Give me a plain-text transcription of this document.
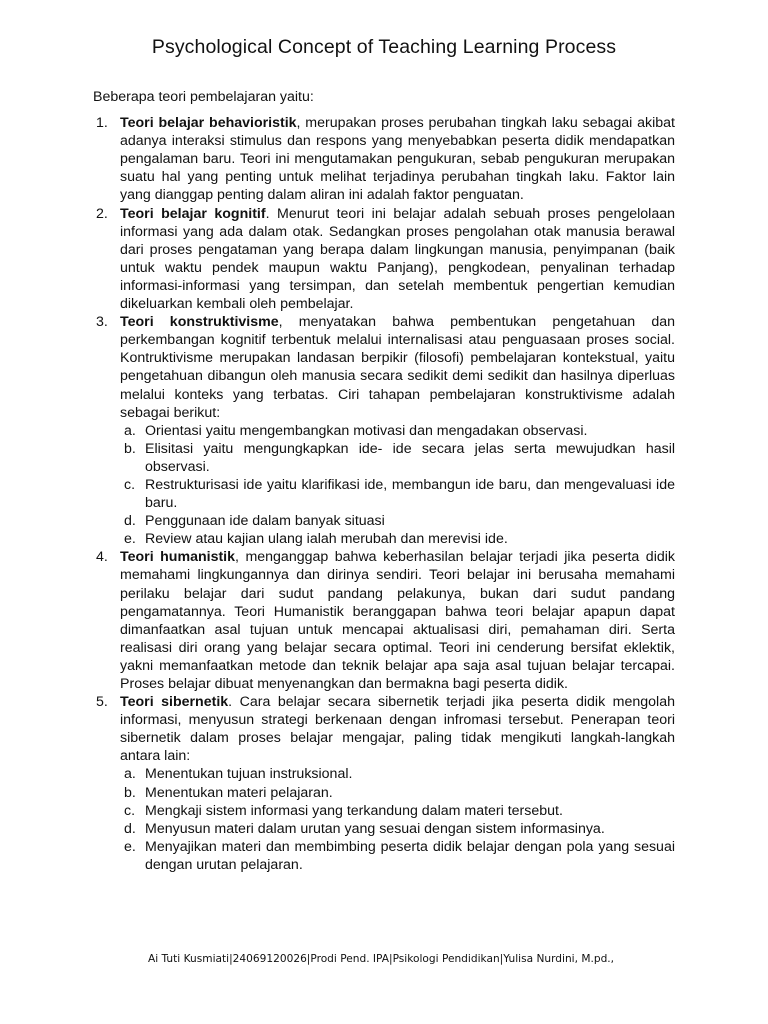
Psychological Concept of Teaching Learning Process

Beberapa teori pembelajaran yaitu:

1. Teori belajar behavioristik, merupakan proses perubahan tingkah laku sebagai akibat adanya interaksi stimulus dan respons yang menyebabkan peserta didik mendapatkan pengalaman baru. Teori ini mengutamakan pengukuran, sebab pengukuran merupakan suatu hal yang penting untuk melihat terjadinya perubahan tingkah laku. Faktor lain yang dianggap penting dalam aliran ini adalah faktor penguatan.
2. Teori belajar kognitif. Menurut teori ini belajar adalah sebuah proses pengelolaan informasi yang ada dalam otak. Sedangkan proses pengolahan otak manusia berawal dari proses pengataman yang berapa dalam lingkungan manusia, penyimpanan (baik untuk waktu pendek maupun waktu Panjang), pengkodean, penyalinan terhadap informasi-informasi yang tersimpan, dan setelah membentuk pengertian kemudian dikeluarkan kembali oleh pembelajar.
3. Teori konstruktivisme, menyatakan bahwa pembentukan pengetahuan dan perkembangan kognitif terbentuk melalui internalisasi atau penguasaan proses social. Kontruktivisme merupakan landasan berpikir (filosofi) pembelajaran kontekstual, yaitu pengetahuan dibangun oleh manusia secara sedikit demi sedikit dan hasilnya diperluas melalui konteks yang terbatas. Ciri tahapan pembelajaran konstruktivisme adalah sebagai berikut:
a. Orientasi yaitu mengembangkan motivasi dan mengadakan observasi.
b. Elisitasi yaitu mengungkapkan ide- ide secara jelas serta mewujudkan hasil observasi.
c. Restrukturisasi ide yaitu klarifikasi ide, membangun ide baru, dan mengevaluasi ide baru.
d. Penggunaan ide dalam banyak situasi
e. Review atau kajian ulang ialah merubah dan merevisi ide.
4. Teori humanistik, menganggap bahwa keberhasilan belajar terjadi jika peserta didik memahami lingkungannya dan dirinya sendiri. Teori belajar ini berusaha memahami perilaku belajar dari sudut pandang pelakunya, bukan dari sudut pandang pengamatannya. Teori Humanistik beranggapan bahwa teori belajar apapun dapat dimanfaatkan asal tujuan untuk mencapai aktualisasi diri, pemahaman diri. Serta realisasi diri orang yang belajar secara optimal. Teori ini cenderung bersifat eklektik, yakni memanfaatkan metode dan teknik belajar apa saja asal tujuan belajar tercapai. Proses belajar dibuat menyenangkan dan bermakna bagi peserta didik.
5. Teori sibernetik. Cara belajar secara sibernetik terjadi jika peserta didik mengolah informasi, menyusun strategi berkenaan dengan infromasi tersebut. Penerapan teori sibernetik dalam proses belajar mengajar, paling tidak mengikuti langkah-langkah antara lain:
a. Menentukan tujuan instruksional.
b. Menentukan materi pelajaran.
c. Mengkaji sistem informasi yang terkandung dalam materi tersebut.
d. Menyusun materi dalam urutan yang sesuai dengan sistem informasinya.
e. Menyajikan materi dan membimbing peserta didik belajar dengan pola yang sesuai dengan urutan pelajaran.
Ai Tuti Kusmiati|24069120026|Prodi Pend. IPA|Psikologi Pendidikan|Yulisa Nurdini, M.pd.,
